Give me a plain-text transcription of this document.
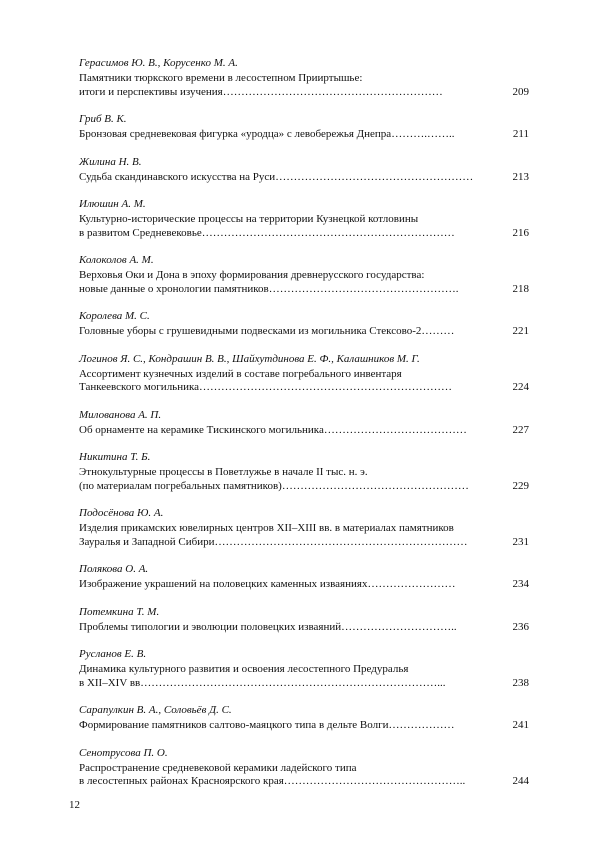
Герасимов Ю. В., Корусенко М. А.
Памятники тюркского времени в лесостепном Прииртышье:
итоги и перспективы изучения……………………………………………………	209
Гриб В. К.
Бронзовая средневековая фигурка «уродца» с левобережья Днепра……….……..	211
Жилина Н. В.
Судьба скандинавского искусства на Руси………………………………………………	213
Илюшин А. М.
Культурно-исторические процессы на территории Кузнецкой котловины
в развитом Средневековье……………………………………………………………	216
Колоколов А. М.
Верховья Оки и Дона в эпоху формирования древнерусского государства:
новые данные о хронологии памятников…………………………………………….	218
Королева М. С.
Головные уборы с грушевидными подвесками из могильника Стексово-2………	221
Логинов Я. С., Кондрашин В. В., Шайхутдинова Е. Ф., Калашников М. Г.
Ассортимент кузнечных изделий в составе погребального инвентаря
Танкеевского могильника……………………………………………………………	224
Милованова А. П.
Об орнаменте на керамике Тискинского могильника…………………………………	227
Никитина Т. Б.
Этнокультурные процессы в Поветлужье в начале II тыс. н. э.
(по материалам погребальных памятников)……………………………………………	229
Подосёнова Ю. А.
Изделия прикамских ювелирных центров XII–XIII вв. в материалах памятников
Зауралья и Западной Сибири……………………………………………………………	231
Полякова О. А.
Изображение украшений на половецких каменных изваяниях……………………	234
Потемкина Т. М.
Проблемы типологии и эволюции половецких изваяний…………………………..	236
Русланов Е. В.
Динамика культурного развития и освоения лесостепного Предуралья
в XII–XIV вв………………………………………………………………………...	238
Сарапулкин В. А., Соловьёв Д. С.
Формирование памятников салтово-маяцкого типа в дельте Волги………………	241
Сенотрусова П. О.
Распространение средневековой керамики ладейского типа
в лесостепных районах Красноярского края…………………………………………..	244
12
